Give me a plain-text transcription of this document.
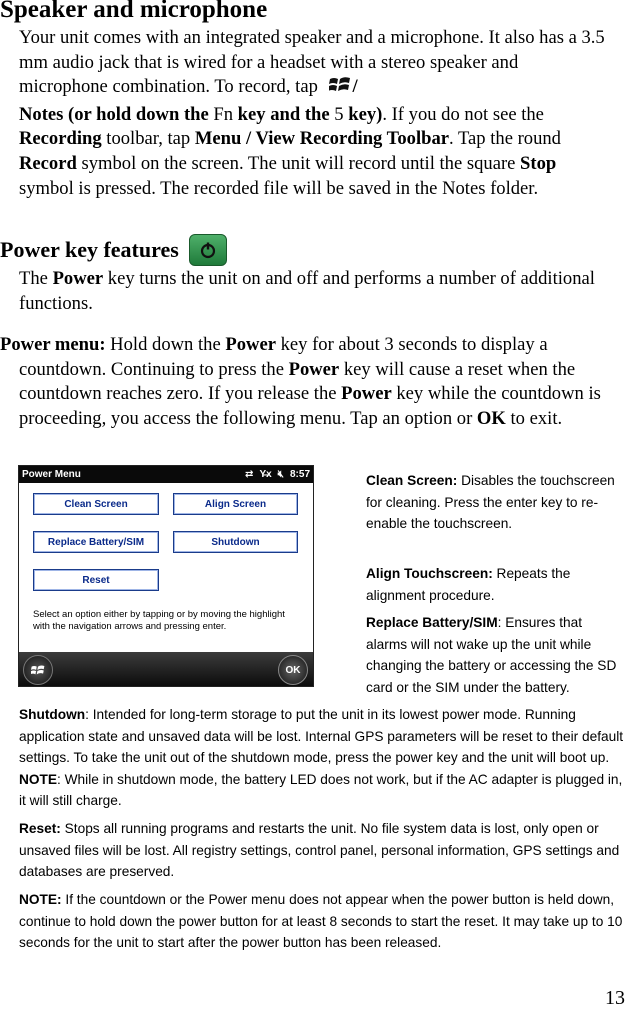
Speaker and microphone

Your unit comes with an integrated speaker and a microphone. It also has a 3.5 mm audio jack that is wired for a headset with a stereo speaker and microphone combination. To record, tap /
Notes (or hold down the Fn key and the 5 key). If you do not see the Recording toolbar, tap Menu / View Recording Toolbar. Tap the round Record symbol on the screen. The unit will record until the square Stop symbol is pressed. The recorded file will be saved in the Notes folder.

Power key features

The Power key turns the unit on and off and performs a number of additional functions.

Power menu: Hold down the Power key for about 3 seconds to display a countdown. Continuing to press the Power key will cause a reset when the countdown reaches zero. If you release the Power key while the countdown is proceeding, you access the following menu. Tap an option or OK to exit.

Power Menu	⇄ Y̶x 🔇︎ 8:57
Clean Screen	Align Screen
Replace Battery/SIM	Shutdown
Reset
Select an option either by tapping or by moving the highlight with the navigation arrows and pressing enter.
OK

Clean Screen: Disables the touchscreen for cleaning. Press the enter key to re-enable the touchscreen.

Align Touchscreen: Repeats the alignment procedure.

Replace Battery/SIM: Ensures that alarms will not wake up the unit while changing the battery or accessing the SD card or the SIM under the battery.

Shutdown: Intended for long-term storage to put the unit in its lowest power mode. Running application state and unsaved data will be lost. Internal GPS parameters will be reset to their default settings. To take the unit out of the shutdown mode, press the power key and the unit will boot up. NOTE: While in shutdown mode, the battery LED does not work, but if the AC adapter is plugged in, it will still charge.

Reset: Stops all running programs and restarts the unit. No file system data is lost, only open or unsaved files will be lost. All registry settings, control panel, personal information, GPS settings and databases are preserved.

NOTE: If the countdown or the Power menu does not appear when the power button is held down, continue to hold down the power button for at least 8 seconds to start the reset. It may take up to 10 seconds for the unit to start after the power button has been released.

13
